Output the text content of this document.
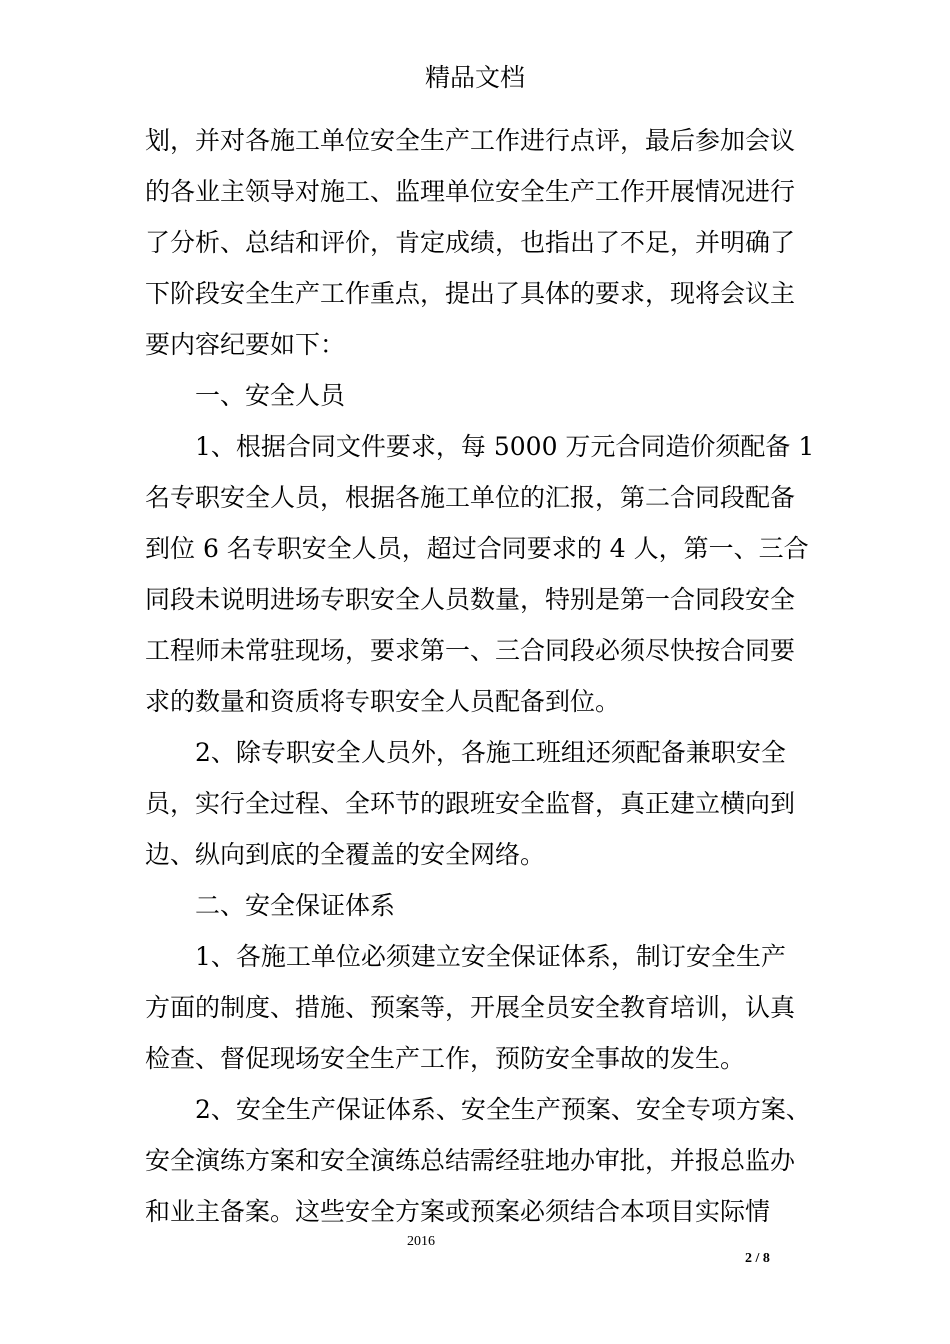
精品文档
划，并对各施工单位安全生产工作进行点评，最后参加会议
的各业主领导对施工、监理单位安全生产工作开展情况进行
了分析、总结和评价，肯定成绩，也指出了不足，并明确了
下阶段安全生产工作重点，提出了具体的要求，现将会议主
要内容纪要如下：
一、安全人员
1、根据合同文件要求，每 5000 万元合同造价须配备 1
名专职安全人员，根据各施工单位的汇报，第二合同段配备
到位 6 名专职安全人员，超过合同要求的 4 人，第一、三合
同段未说明进场专职安全人员数量，特别是第一合同段安全
工程师未常驻现场，要求第一、三合同段必须尽快按合同要
求的数量和资质将专职安全人员配备到位。
2、除专职安全人员外，各施工班组还须配备兼职安全
员，实行全过程、全环节的跟班安全监督，真正建立横向到
边、纵向到底的全覆盖的安全网络。
二、安全保证体系
1、各施工单位必须建立安全保证体系，制订安全生产
方面的制度、措施、预案等，开展全员安全教育培训，认真
检查、督促现场安全生产工作，预防安全事故的发生。
2、安全生产保证体系、安全生产预案、安全专项方案、
安全演练方案和安全演练总结需经驻地办审批，并报总监办
和业主备案。这些安全方案或预案必须结合本项目实际情
2016
2 / 8
